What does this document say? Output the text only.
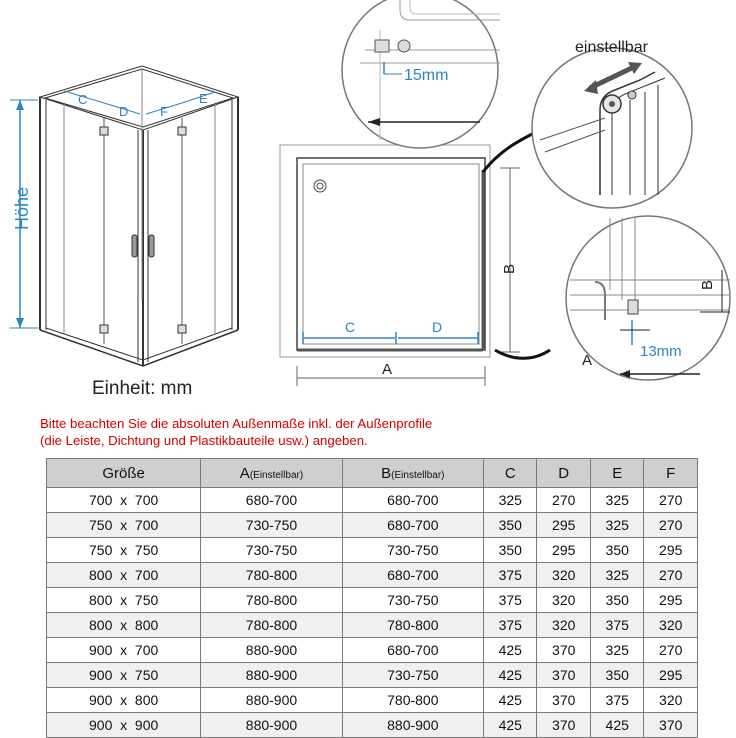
Höhe
C
D F
E
C	D
A
B
15mm
einstellbar
A
B
13mm
Einheit: mm
Bitte beachten Sie die absoluten Außenmaße inkl. der Außenprofile
(die Leiste, Dichtung und Plastikbauteile usw.) angeben.
Größe	A(Einstellbar)	B(Einstellbar)	C	D	E	F
700  x  700	680-700	680-700	325	270	325	270
750  x  700	730-750	680-700	350	295	325	270
750  x  750	730-750	730-750	350	295	350	295
800  x  700	780-800	680-700	375	320	325	270
800  x  750	780-800	730-750	375	320	350	295
800  x  800	780-800	780-800	375	320	375	320
900  x  700	880-900	680-700	425	370	325	270
900  x  750	880-900	730-750	425	370	350	295
900  x  800	880-900	780-800	425	370	375	320
900  x  900	880-900	880-900	425	370	425	370
